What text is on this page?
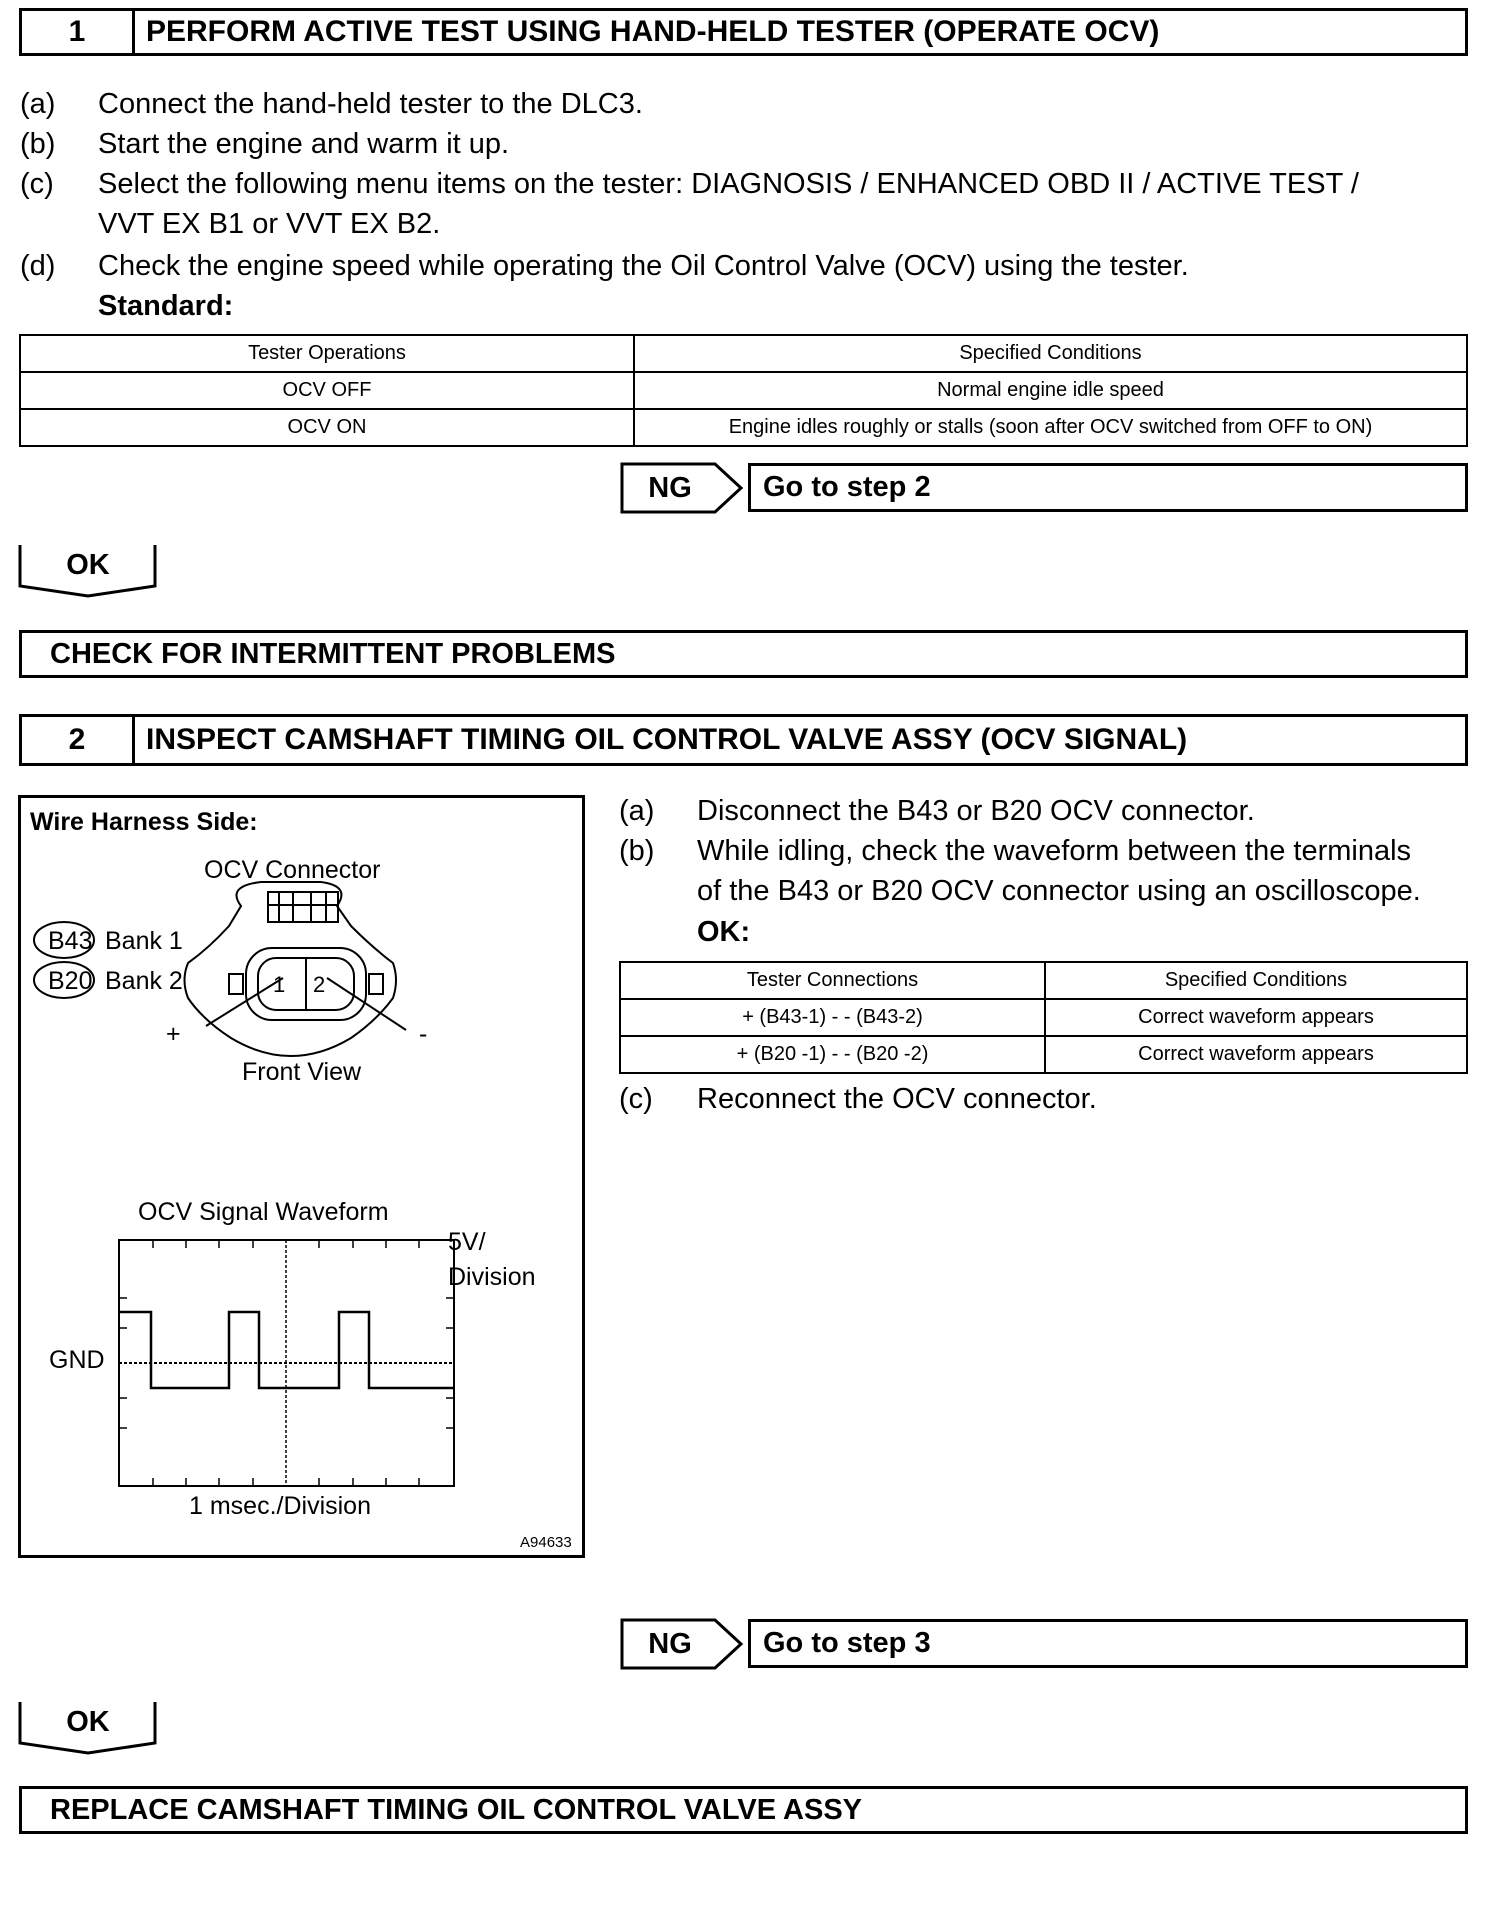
1	PERFORM ACTIVE TEST USING HAND-HELD TESTER (OPERATE OCV)
(a) Connect the hand-held tester to the DLC3.
(b) Start the engine and warm it up.
(c) Select the following menu items on the tester: DIAGNOSIS / ENHANCED OBD II / ACTIVE TEST /
VVT EX B1 or VVT EX B2.
(d) Check the engine speed while operating the Oil Control Valve (OCV) using the tester.
Standard:
Tester Operations	Specified Conditions
OCV OFF	Normal engine idle speed
OCV ON	Engine idles roughly or stalls (soon after OCV switched from OFF to ON)
NG	Go to step 2
OK
CHECK FOR INTERMITTENT PROBLEMS
2	INSPECT CAMSHAFT TIMING OIL CONTROL VALVE ASSY (OCV SIGNAL)
Wire Harness Side:
OCV Connector
B43 Bank 1
B20 Bank 2	1 2
+	-
Front View
OCV Signal Waveform
5V/
Division
GND
1 msec./Division
A94633
(a) Disconnect the B43 or B20 OCV connector.
(b) While idling, check the waveform between the terminals
of the B43 or B20 OCV connector using an oscilloscope.
OK:
Tester Connections	Specified Conditions
+ (B43-1) - - (B43-2)	Correct waveform appears
+ (B20 -1) - - (B20 -2)	Correct waveform appears
(c) Reconnect the OCV connector.
NG	Go to step 3
OK
REPLACE CAMSHAFT TIMING OIL CONTROL VALVE ASSY
